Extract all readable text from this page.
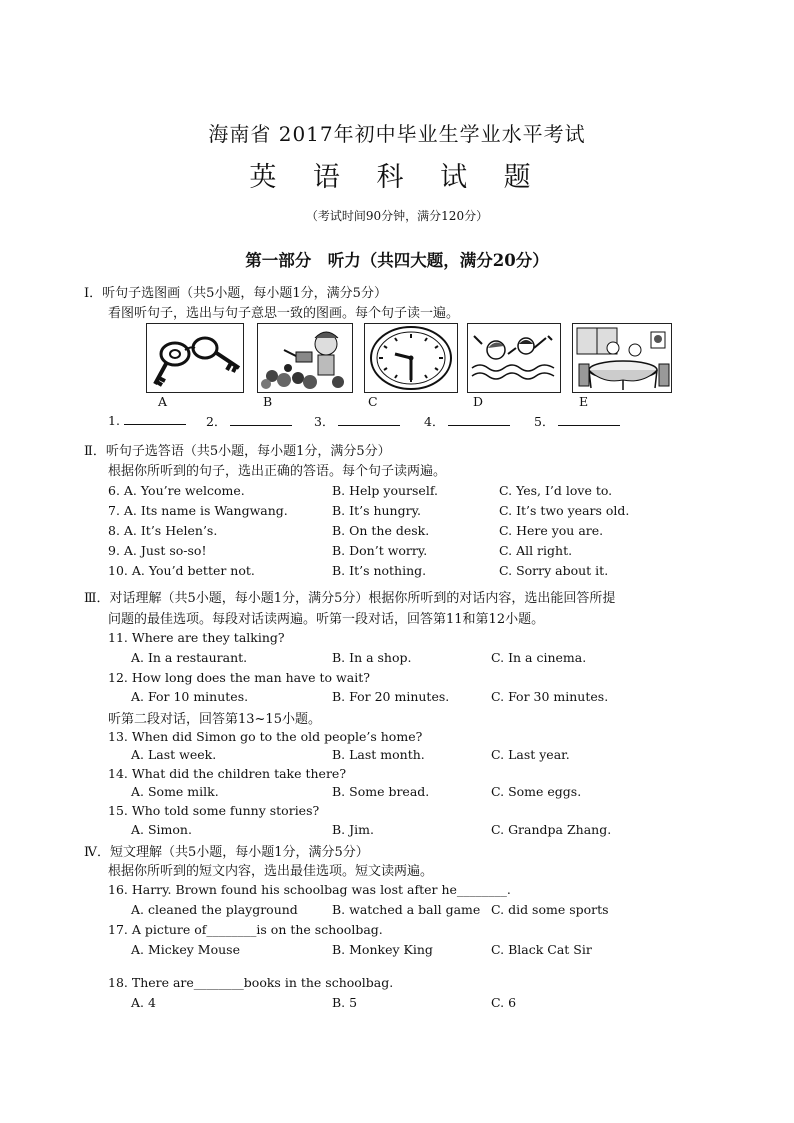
海南省 2017年初中毕业生学业水平考试
英 语 科 试 题
（考试时间90分钟，满分120分）
第一部分　听力（共四大题，满分20分）
Ⅰ．听句子选图画（共5小题，每小题1分，满分5分）
看图听句子，选出与句子意思一致的图画。每个句子读一遍。
A	B	C	D	E
1.	2．	3．	4．	5．
Ⅱ．听句子选答语（共5小题，每小题1分，满分5分）
根据你所听到的句子，选出正确的答语。每个句子读两遍。
6. A. You’re welcome.	B. Help yourself.	C. Yes, I’d love to.
7. A. Its name is Wangwang.	B. It’s hungry.	C. It’s two years old.
8. A. It’s Helen’s.	B. On the desk.	C. Here you are.
9. A. Just so-so!	B. Don’t worry.	C. All right.
10. A. You’d better not.	B. It’s nothing.	C. Sorry about it.
Ⅲ．对话理解（共5小题，每小题1分，满分5分）根据你所听到的对话内容，选出能回答所提
问题的最佳选项。每段对话读两遍。听第一段对话，回答第11和第12小题。
11. Where are they talking?
A. In a restaurant.	B. In a shop.	C. In a cinema.
12. How long does the man have to wait?
A. For 10 minutes.	B. For 20 minutes.	C. For 30 minutes.
听第二段对话，回答第13~15小题。
13. When did Simon go to the old people’s home?
A. Last week.	B. Last month.	C. Last year.
14. What did the children take there?
A. Some milk.	B. Some bread.	C. Some eggs.
15. Who told some funny stories?
A. Simon.	B. Jim.	C. Grandpa Zhang.
Ⅳ．短文理解（共5小题，每小题1分，满分5分）
根据你所听到的短文内容，选出最佳选项。短文读两遍。
16. Harry. Brown found his schoolbag was lost after he________.
A. cleaned the playground	B. watched a ball game C. did some sports
17. A picture of________is on the schoolbag.
A. Mickey Mouse	B. Monkey King	C. Black Cat Sir
18. There are________books in the schoolbag.
A. 4	B. 5	C. 6
